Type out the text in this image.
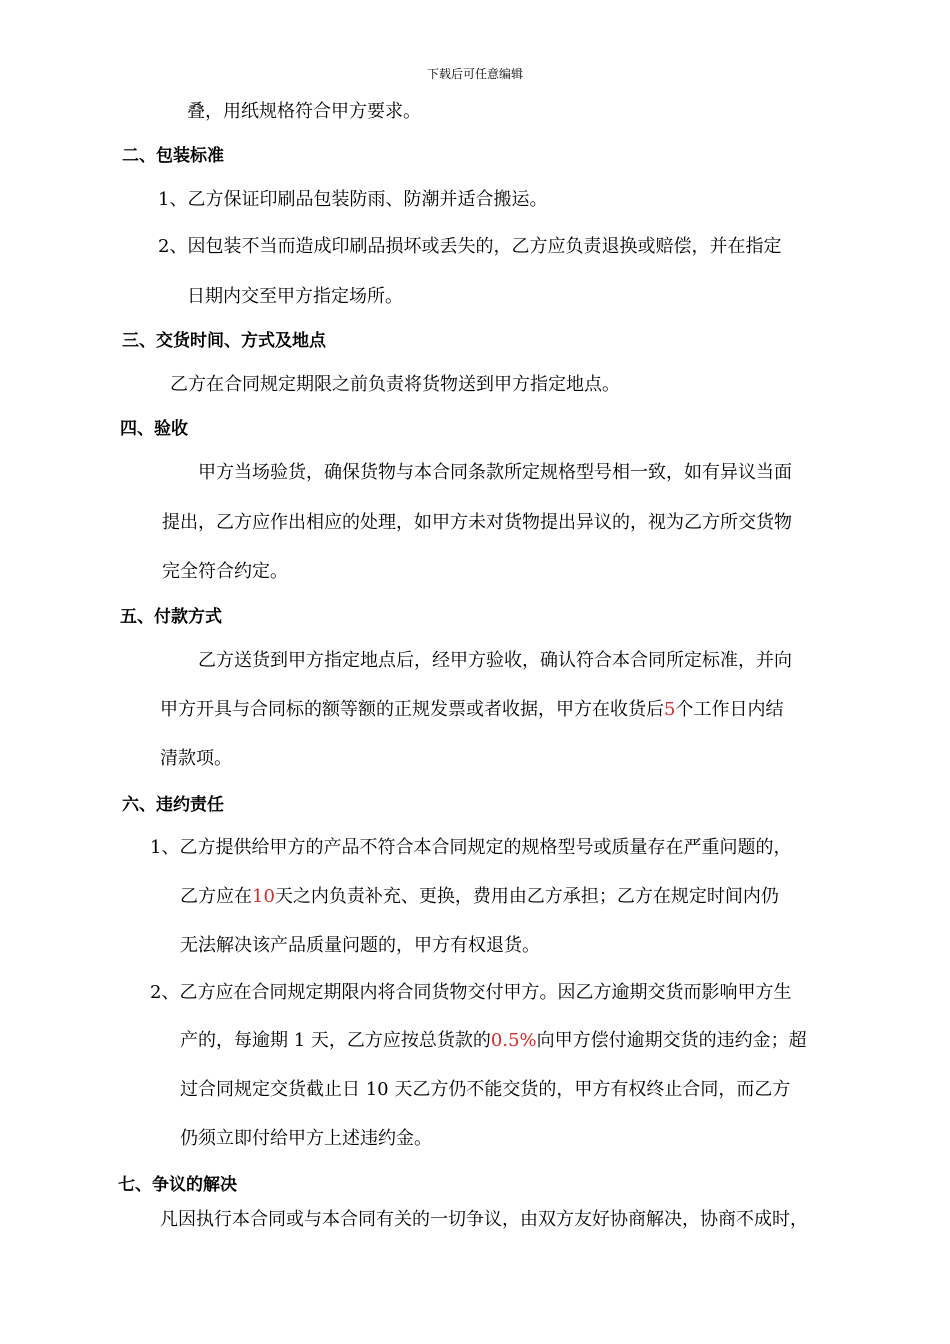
下载后可任意编辑
叠，用纸规格符合甲方要求。
二、包装标准
1、乙方保证印刷品包装防雨、防潮并适合搬运。
2、因包装不当而造成印刷品损坏或丢失的，乙方应负责退换或赔偿，并在指定
日期内交至甲方指定场所。
三、交货时间、方式及地点
乙方在合同规定期限之前负责将货物送到甲方指定地点。
四、验收
甲方当场验货，确保货物与本合同条款所定规格型号相一致，如有异议当面
提出，乙方应作出相应的处理，如甲方未对货物提出异议的，视为乙方所交货物
完全符合约定。
五、付款方式
乙方送货到甲方指定地点后，经甲方验收，确认符合本合同所定标准，并向
甲方开具与合同标的额等额的正规发票或者收据，甲方在收货后5个工作日内结
清款项。
六、违约责任
1、乙方提供给甲方的产品不符合本合同规定的规格型号或质量存在严重问题的，
乙方应在10天之内负责补充、更换，费用由乙方承担；乙方在规定时间内仍
无法解决该产品质量问题的，甲方有权退货。
2、乙方应在合同规定期限内将合同货物交付甲方。因乙方逾期交货而影响甲方生
产的，每逾期 1 天，乙方应按总货款的0.5%向甲方偿付逾期交货的违约金；超
过合同规定交货截止日 10 天乙方仍不能交货的，甲方有权终止合同，而乙方
仍须立即付给甲方上述违约金。
七、争议的解决
凡因执行本合同或与本合同有关的一切争议，由双方友好协商解决，协商不成时，
